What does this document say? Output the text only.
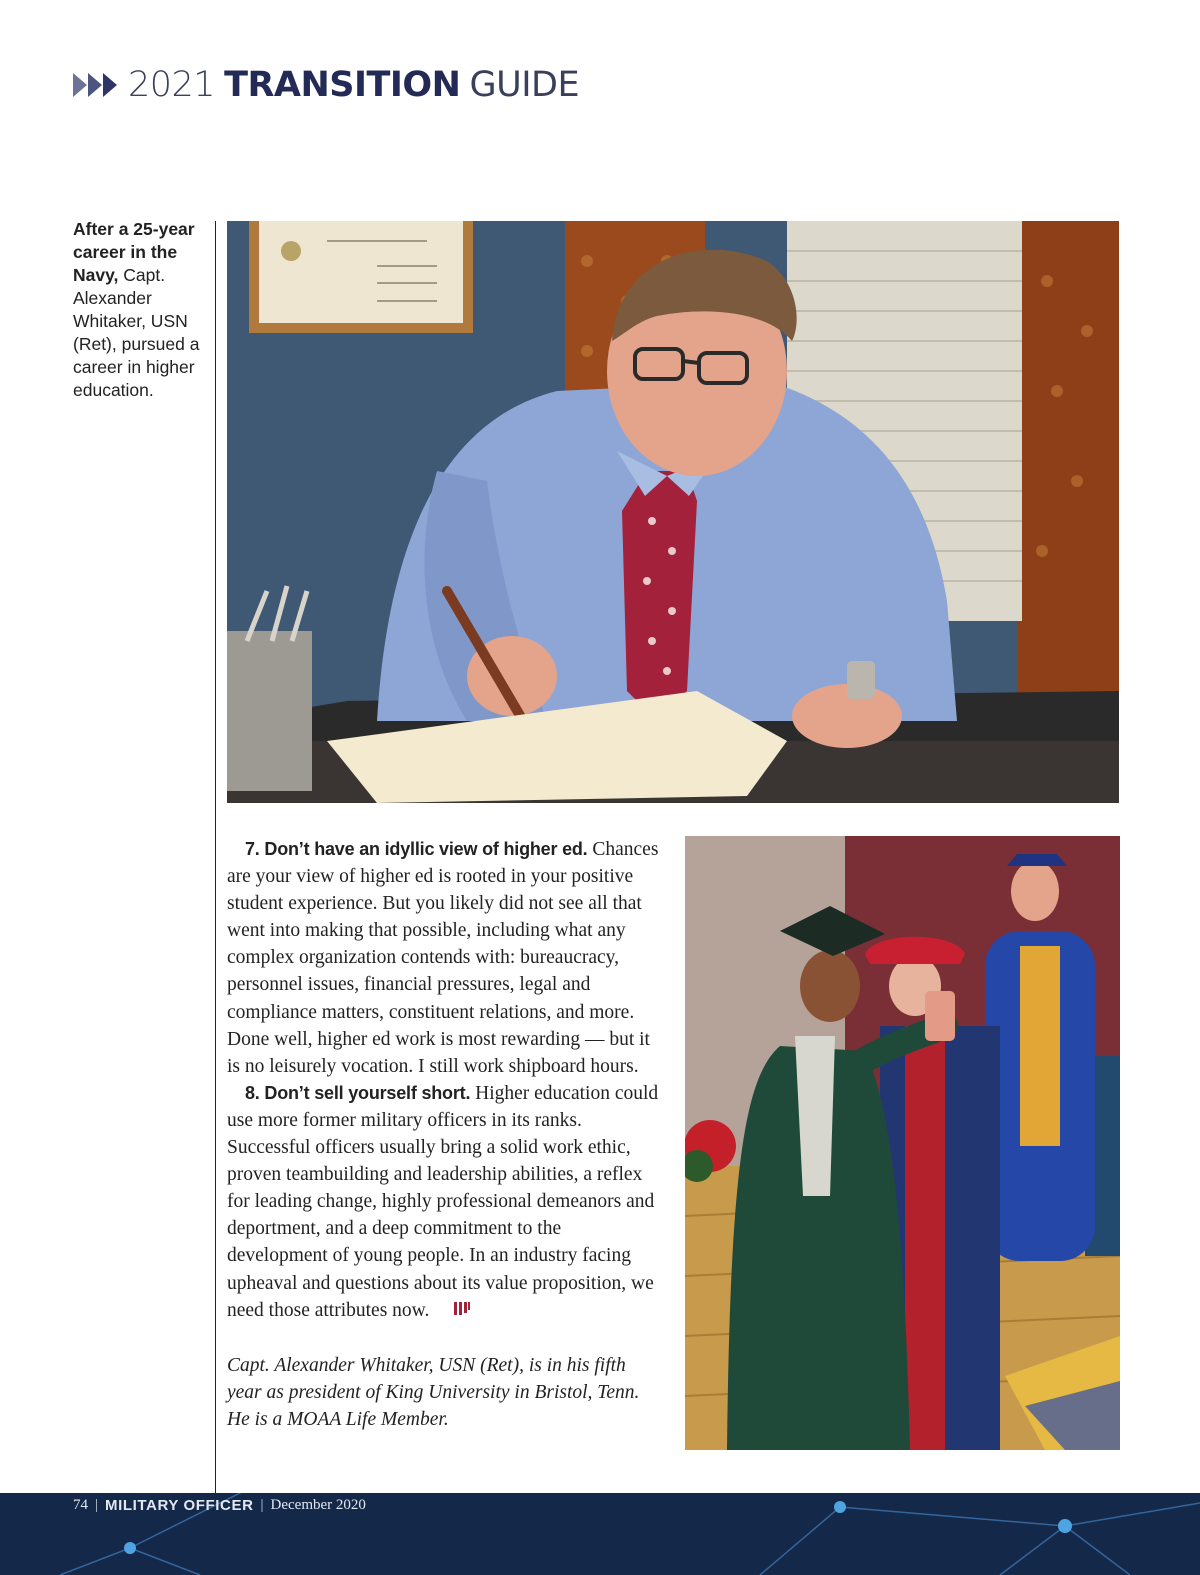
2021 TRANSITION GUIDE
After a 25-year career in the Navy, Capt. Alexander Whitaker, USN (Ret), pursued a career in higher education.

7. Don’t have an idyllic view of higher ed. Chances are your view of higher ed is rooted in your positive student experience. But you likely did not see all that went into making that possible, including what any complex organization contends with: bureaucracy, personnel issues, financial pressures, legal and compliance matters, constituent relations, and more. Done well, higher ed work is most rewarding — but it is no leisurely vocation. I still work shipboard hours.

8. Don’t sell yourself short. Higher education could use more former military officers in its ranks. Successful officers usually bring a solid work ethic, proven teambuilding and leadership abilities, a reflex for leading change, highly professional demeanors and deportment, and a deep commitment to the development of young people. In an industry facing upheaval and questions about its value proposition, we need those attributes now.

Capt. Alexander Whitaker, USN (Ret), is in his fifth year as president of King University in Bristol, Tenn. He is a MOAA Life Member.

74 | MILITARY OFFICER | December 2020
